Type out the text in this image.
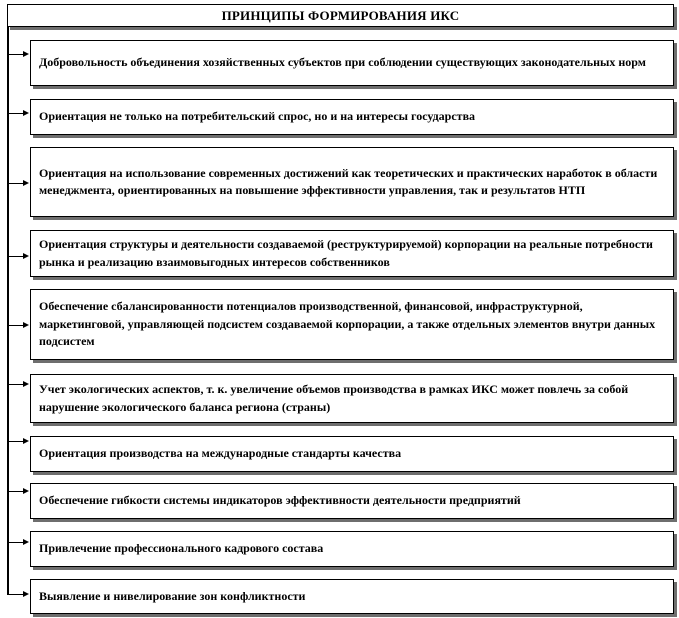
ПРИНЦИПЫ ФОРМИРОВАНИЯ ИКС
Добровольность объединения хозяйственных субъектов при соблюдении существующих законодательных норм
Ориентация не только на потребительский спрос, но и на интересы государства
Ориентация на использование современных достижений как теоретических и практических наработок в области менеджмента, ориентированных на повышение эффективности управления, так и результатов НТП
Ориентация структуры и деятельности создаваемой (реструктурируемой) корпорации на реальные потребности рынка и реализацию взаимовыгодных интересов собственников
Обеспечение сбалансированности потенциалов производственной, финансовой, инфраструктурной, маркетинговой, управляющей подсистем создаваемой корпорации, а также отдельных элементов внутри данных подсистем
Учет экологических аспектов, т. к. увеличение объемов производства в рамках ИКС может повлечь за собой нарушение экологического баланса региона (страны)
Ориентация производства на международные стандарты качества
Обеспечение гибкости системы индикаторов эффективности деятельности предприятий
Привлечение профессионального кадрового состава
Выявление и нивелирование зон конфликтности
